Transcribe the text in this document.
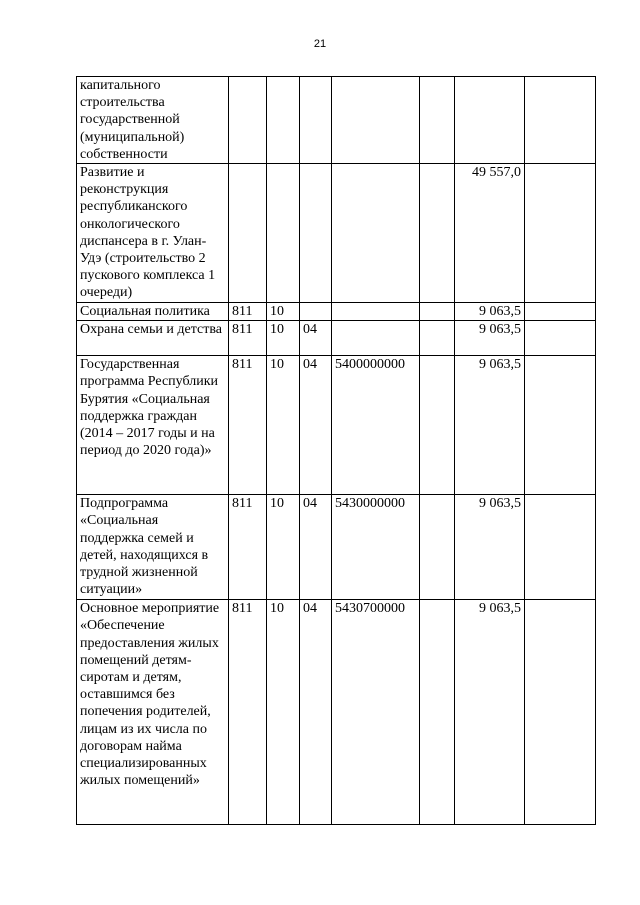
21
капитального строительства государственной (муниципальной) собственности							
Развитие и реконструкция республиканского онкологического диспансера в г. Улан-Удэ (строительство 2 пускового комплекса 1 очереди)						49 557,0	
Социальная политика	811	10				9 063,5	
Охрана семьи и детства	811	10	04			9 063,5	
Государственная программа Республики Бурятия «Социальная поддержка граждан (2014 – 2017 годы и на период до 2020 года)»	811	10	04	5400000000		9 063,5	
Подпрограмма «Социальная поддержка семей и детей, находящихся в трудной жизненной ситуации»	811	10	04	5430000000		9 063,5	
Основное мероприятие «Обеспечение предоставления жилых помещений детям-сиротам и детям, оставшимся без попечения родителей, лицам из их числа по договорам найма специализированных жилых помещений»	811	10	04	5430700000		9 063,5	
